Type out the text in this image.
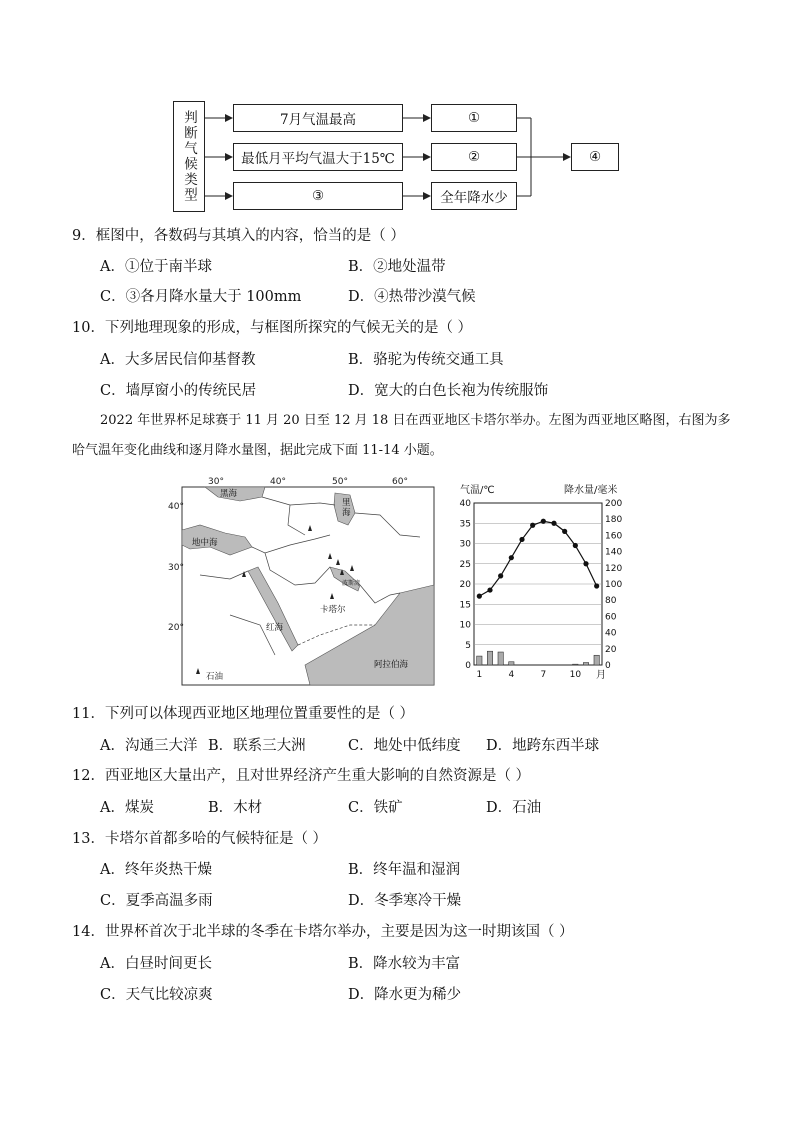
判断气候类型	7月气温最高
最低月平均气温大于15℃
③
①
②
全年降水少
④
9．框图中，各数码与其填入的内容，恰当的是（ ）
A．①位于南半球	B．②地处温带
C．③各月降水量大于 100mm	D．④热带沙漠气候
10．下列地理现象的形成，与框图所探究的气候无关的是（ ）
A．大多居民信仰基督教	B．骆驼为传统交通工具
C．墙厚窗小的传统民居	D．宽大的白色长袍为传统服饰
2022 年世界杯足球赛于 11 月 20 日至 12 月 18 日在西亚地区卡塔尔举办。左图为西亚地区略图，右图为多哈气温年变化曲线和逐月降水量图，据此完成下面 11-14 小题。
30°	40°	50°	60°
40°
30°
20°
黑海
里
海
地中海
红海
阿拉伯海
波斯湾
卡塔尔
石油
气温/℃	降水量/毫米
0
5
10
15
20
25
30
35
40
0
20
40
60
80
100
120
140
160
180
200
1	4	7	10 月
11．下列可以体现西亚地区地理位置重要性的是（ ）
A．沟通三大洋 B．联系三大洲	C．地处中低纬度 D．地跨东西半球
12．西亚地区大量出产，且对世界经济产生重大影响的自然资源是（ ）
A．煤炭	B．木材	C．铁矿	D．石油
13．卡塔尔首都多哈的气候特征是（ ）
A．终年炎热干燥	B．终年温和湿润
C．夏季高温多雨	D．冬季寒冷干燥
14．世界杯首次于北半球的冬季在卡塔尔举办，主要是因为这一时期该国（ ）
A．白昼时间更长	B．降水较为丰富
C．天气比较凉爽	D．降水更为稀少
